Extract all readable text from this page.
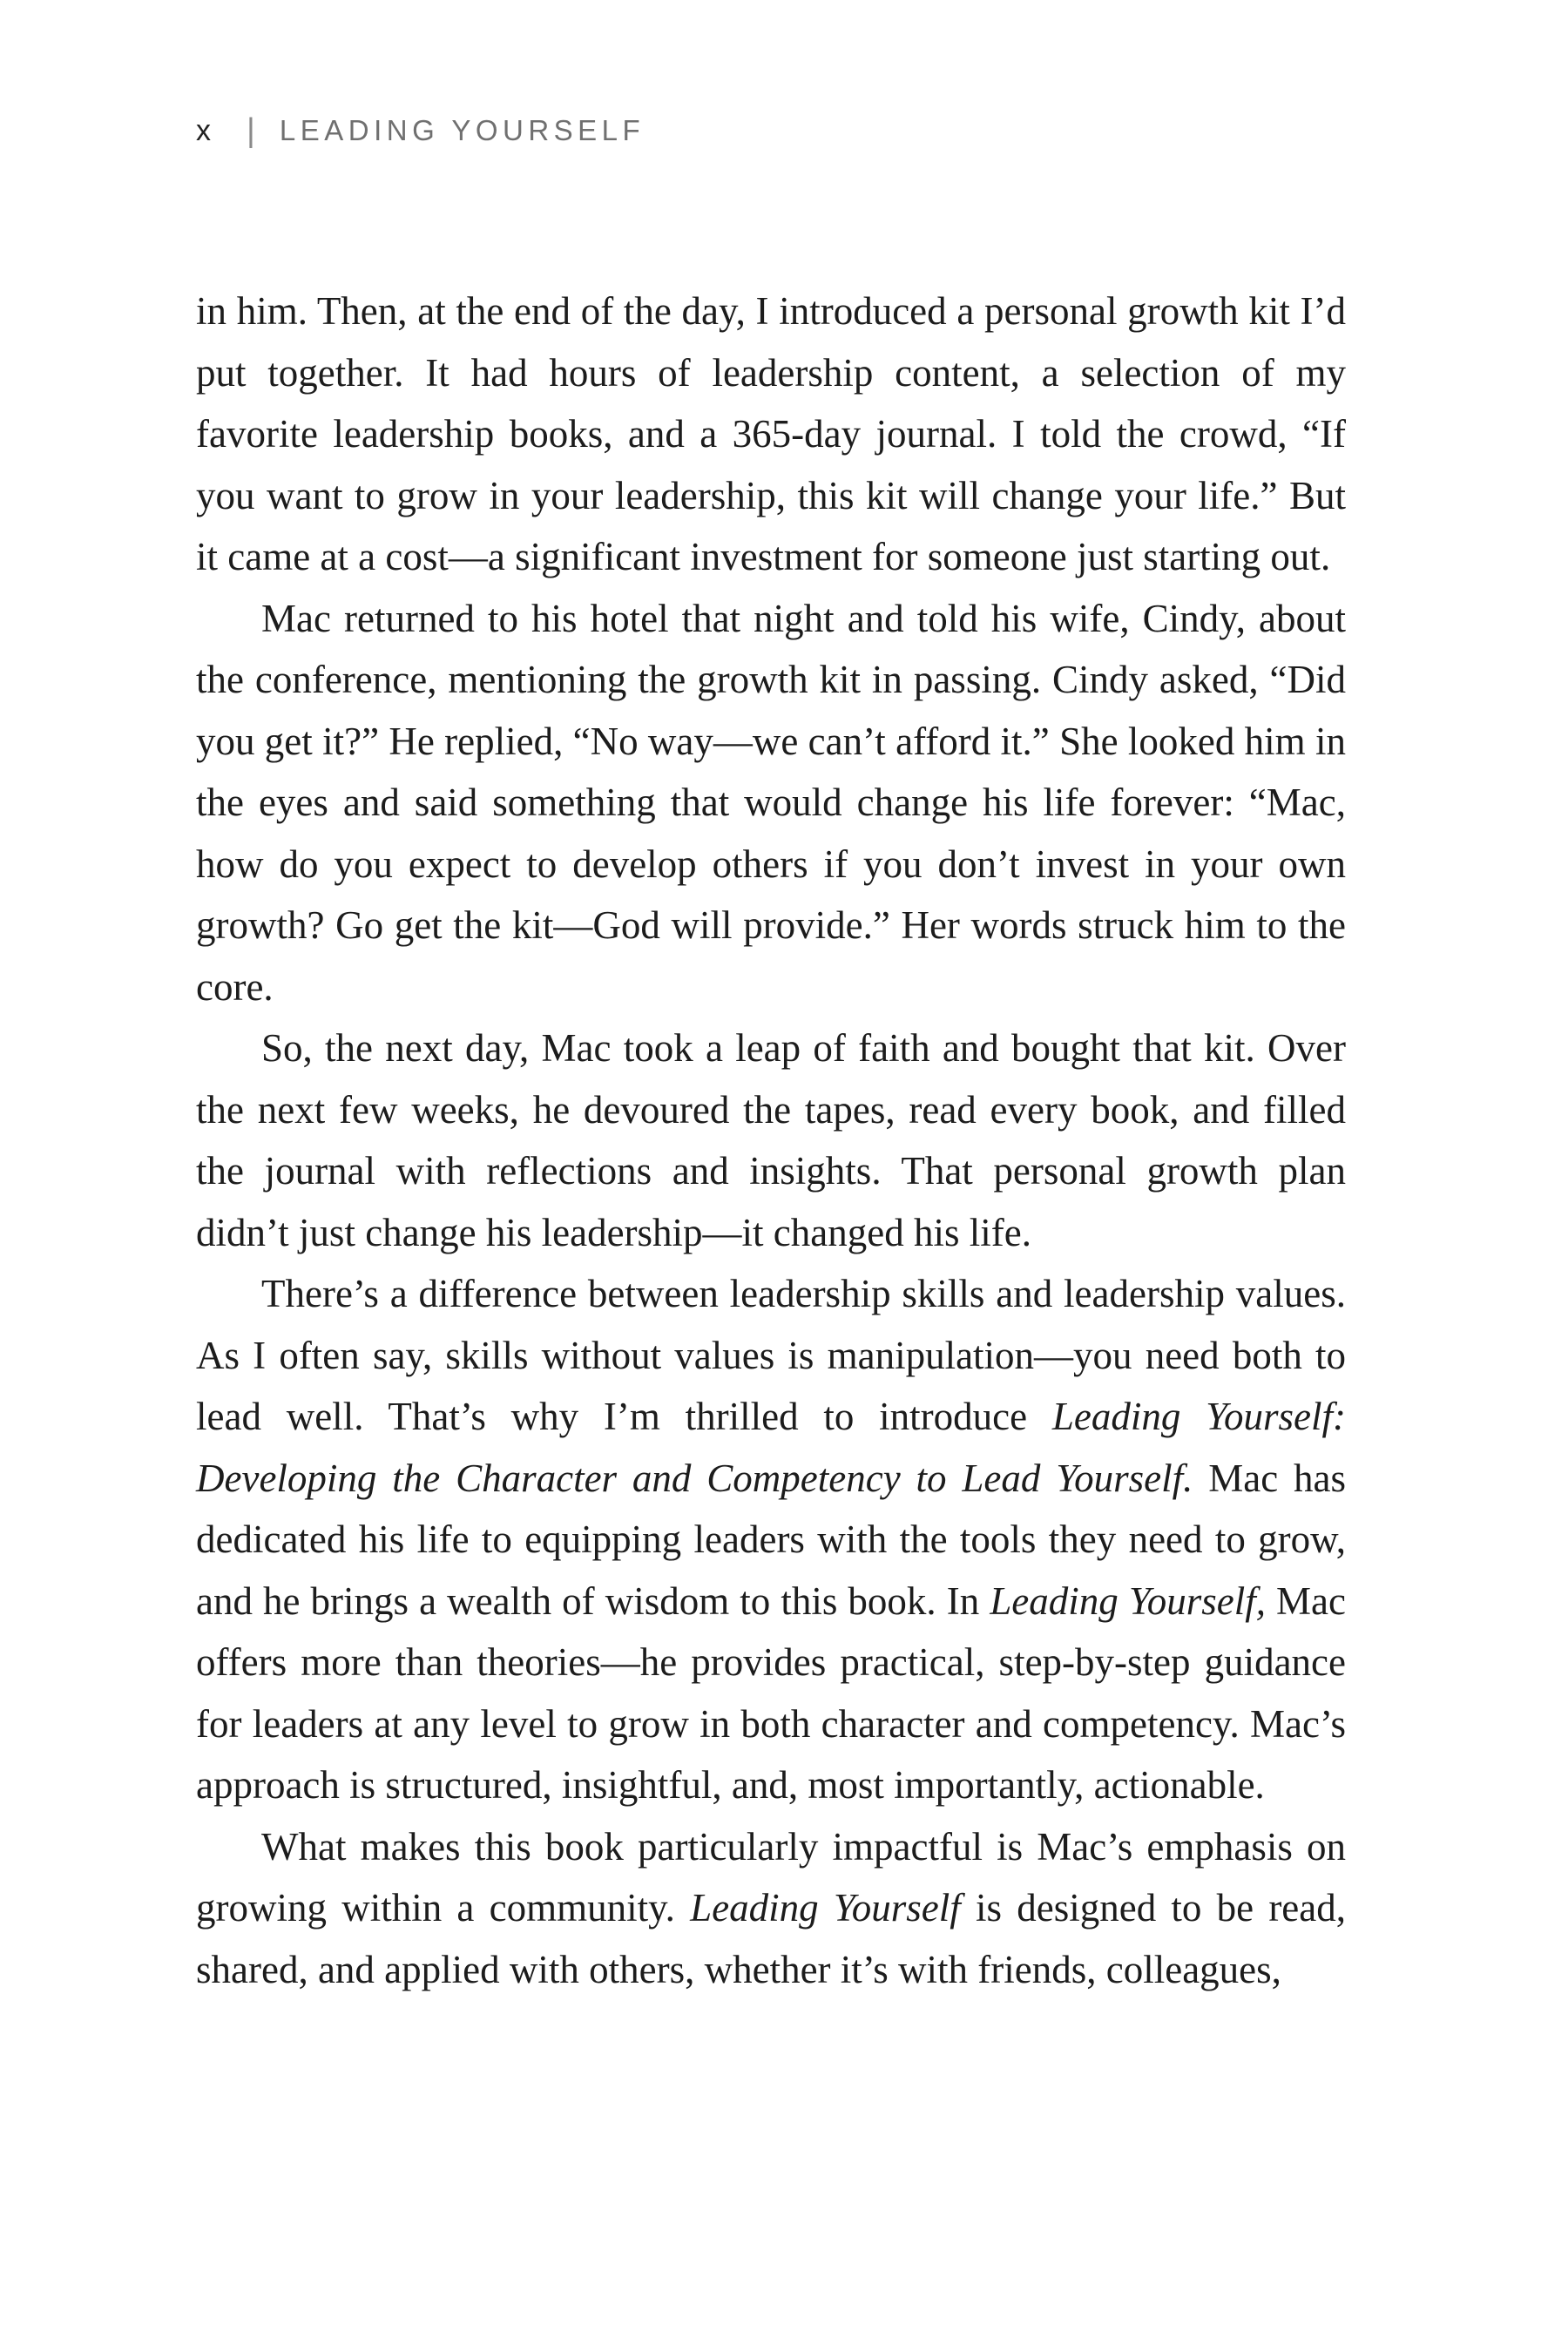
x	| LEADING YOURSELF

in him. Then, at the end of the day, I introduced a personal growth kit I’d put together. It had hours of leadership content, a selection of my favorite leadership books, and a 365-day journal. I told the crowd, “If you want to grow in your leadership, this kit will change your life.” But it came at a cost—a significant investment for someone just starting out.

Mac returned to his hotel that night and told his wife, Cindy, about the conference, mentioning the growth kit in passing. Cindy asked, “Did you get it?” He replied, “No way—we can’t afford it.” She looked him in the eyes and said something that would change his life forever: “Mac, how do you expect to develop others if you don’t invest in your own growth? Go get the kit—God will provide.” Her words struck him to the core.

So, the next day, Mac took a leap of faith and bought that kit. Over the next few weeks, he devoured the tapes, read every book, and filled the journal with reflections and insights. That personal growth plan didn’t just change his leadership—it changed his life.

There’s a difference between leadership skills and leadership values. As I often say, skills without values is manipulation—you need both to lead well. That’s why I’m thrilled to introduce Leading Yourself: Developing the Character and Competency to Lead Yourself. Mac has dedicated his life to equipping leaders with the tools they need to grow, and he brings a wealth of wisdom to this book. In Leading Yourself, Mac offers more than theories—he provides practical, step-by-step guidance for leaders at any level to grow in both character and competency. Mac’s approach is structured, insightful, and, most importantly, actionable.

What makes this book particularly impactful is Mac’s emphasis on growing within a community. Leading Yourself is designed to be read, shared, and applied with others, whether it’s with friends, colleagues,
